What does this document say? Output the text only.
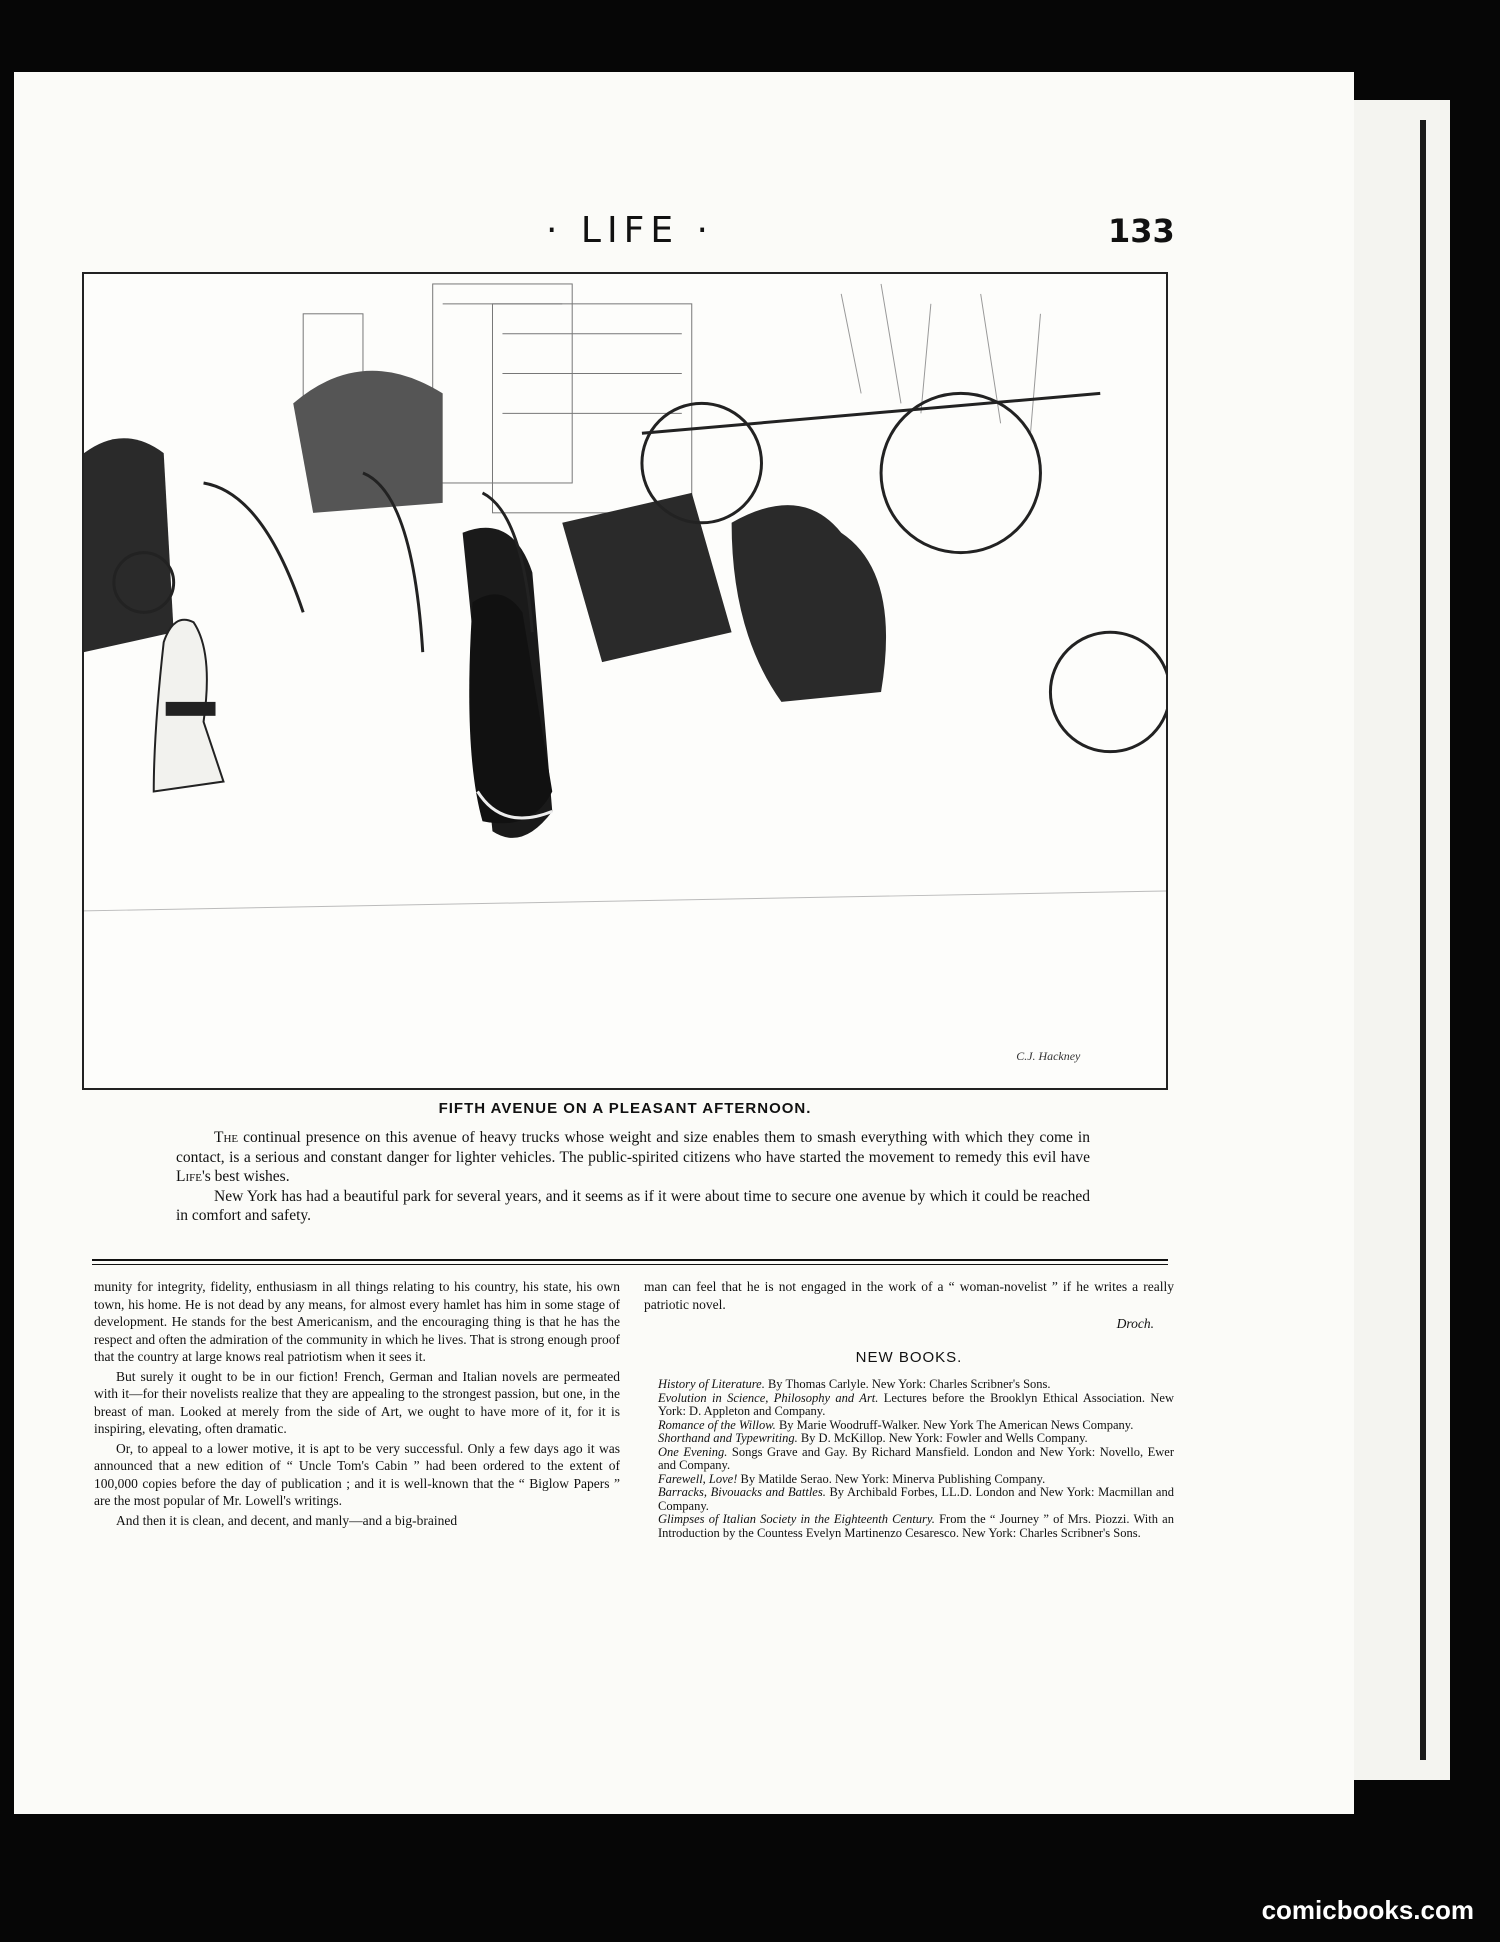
· LIFE ·	133
C.J. Hackney
FIFTH AVENUE ON A PLEASANT AFTERNOON.

The continual presence on this avenue of heavy trucks whose weight and size enables them to smash everything with which they come in contact, is a serious and constant danger for lighter vehicles. The public-spirited citizens who have started the movement to remedy this evil have Life's best wishes.

New York has had a beautiful park for several years, and it seems as if it were about time to secure one avenue by which it could be reached in comfort and safety.

munity for integrity, fidelity, enthusiasm in all things relating to his country, his state, his own town, his home. He is not dead by any means, for almost every hamlet has him in some stage of development. He stands for the best Americanism, and the encouraging thing is that he has the respect and often the admiration of the community in which he lives. That is strong enough proof that the country at large knows real patriotism when it sees it.

But surely it ought to be in our fiction! French, German and Italian novels are permeated with it—for their novelists realize that they are appealing to the strongest passion, but one, in the breast of man. Looked at merely from the side of Art, we ought to have more of it, for it is inspiring, elevating, often dramatic.

Or, to appeal to a lower motive, it is apt to be very successful. Only a few days ago it was announced that a new edition of “ Uncle Tom's Cabin ” had been ordered to the extent of 100,000 copies before the day of publication ; and it is well-known that the “ Biglow Papers ” are the most popular of Mr. Lowell's writings.

And then it is clean, and decent, and manly—and a big-brained

man can feel that he is not engaged in the work of a “ woman-novelist ” if he writes a really patriotic novel.

Droch.
NEW BOOKS.

History of Literature. By Thomas Carlyle. New York: Charles Scribner's Sons.

Evolution in Science, Philosophy and Art. Lectures before the Brooklyn Ethical Association. New York: D. Appleton and Company.

Romance of the Willow. By Marie Woodruff-Walker. New York The American News Company.

Shorthand and Typewriting. By D. McKillop. New York: Fowler and Wells Company.

One Evening. Songs Grave and Gay. By Richard Mansfield. London and New York: Novello, Ewer and Company.

Farewell, Love! By Matilde Serao. New York: Minerva Publishing Company.

Barracks, Bivouacks and Battles. By Archibald Forbes, LL.D. London and New York: Macmillan and Company.

Glimpses of Italian Society in the Eighteenth Century. From the “ Journey ” of Mrs. Piozzi. With an Introduction by the Countess Evelyn Martinenzo Cesaresco. New York: Charles Scribner's Sons.

comicbooks.com
